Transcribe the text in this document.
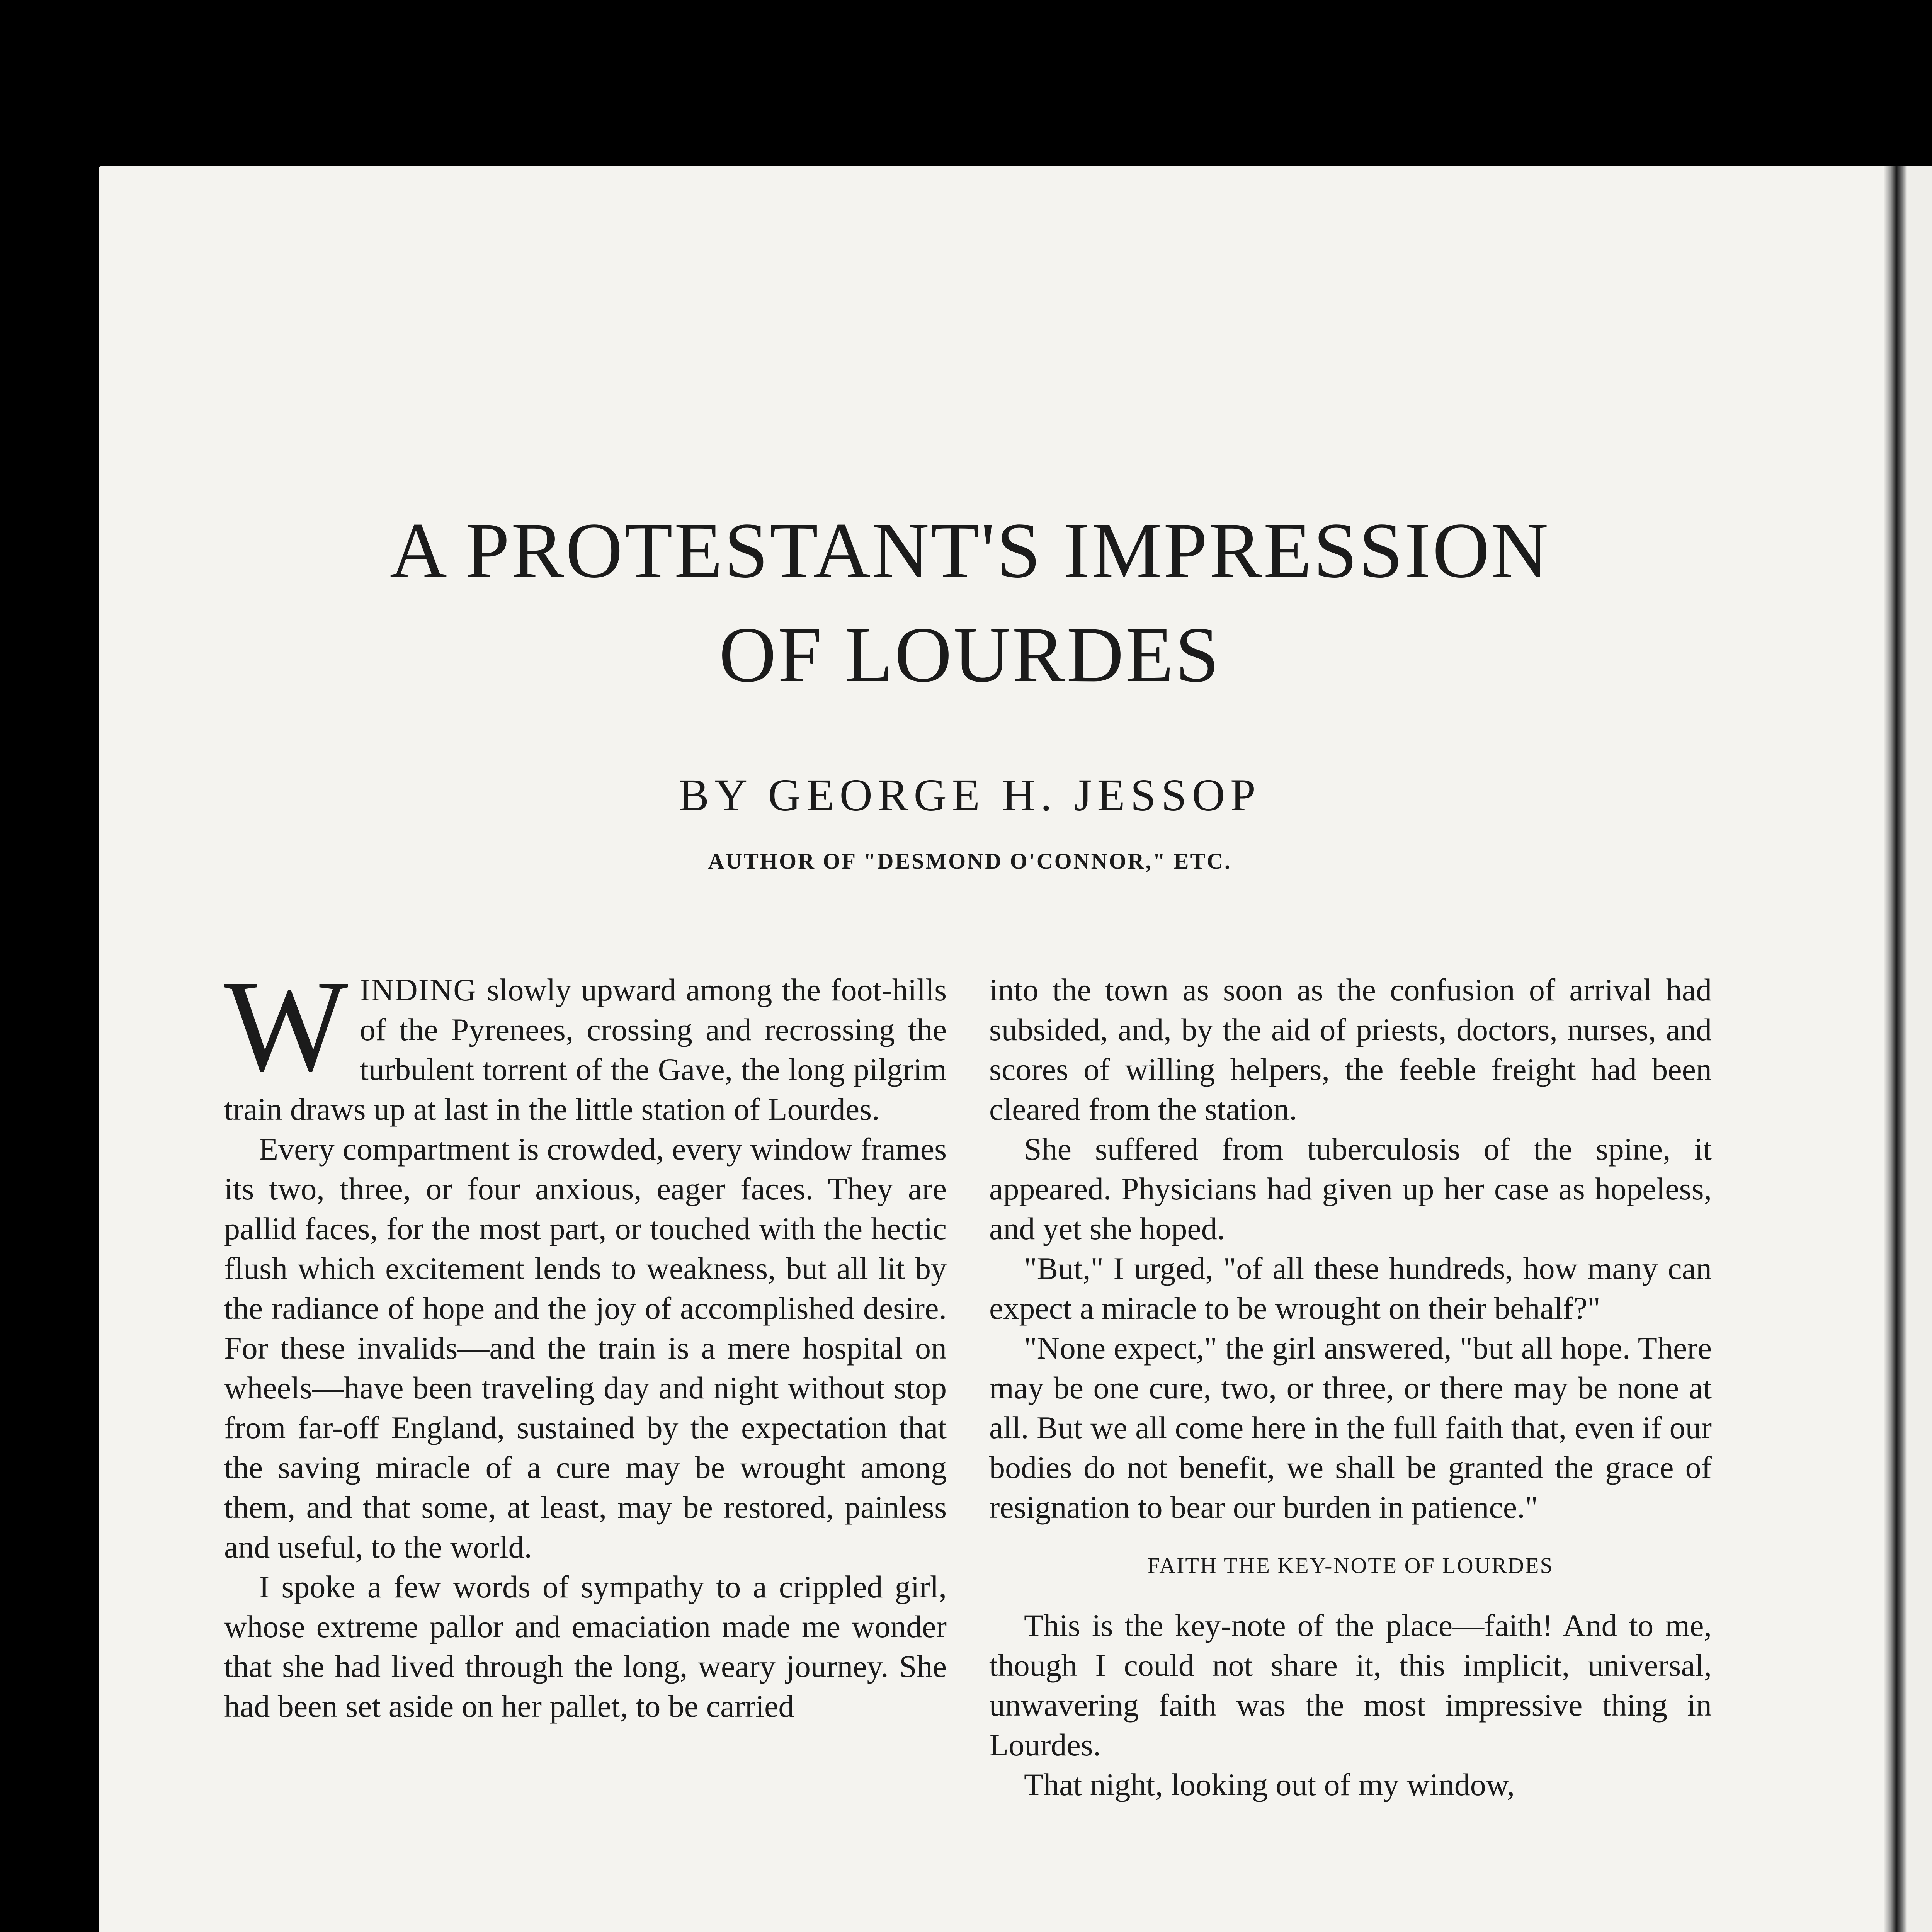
A PROTESTANT'S IMPRESSION
OF LOURDES
BY GEORGE H. JESSOP
AUTHOR OF "DESMOND O'CONNOR," ETC.

WINDING slowly upward among the foot-hills of the Pyrenees, crossing and recrossing the turbulent torrent of the Gave, the long pilgrim train draws up at last in the little station of Lourdes.

Every compartment is crowded, every window frames its two, three, or four anxious, eager faces. They are pallid faces, for the most part, or touched with the hectic flush which excitement lends to weakness, but all lit by the radiance of hope and the joy of accomplished desire. For these invalids—and the train is a mere hospital on wheels—have been traveling day and night without stop from far-off England, sustained by the expectation that the saving miracle of a cure may be wrought among them, and that some, at least, may be restored, painless and useful, to the world.

I spoke a few words of sympathy to a crippled girl, whose extreme pallor and emaciation made me wonder that she had lived through the long, weary journey. She had been set aside on her pallet, to be carried

into the town as soon as the confusion of arrival had subsided, and, by the aid of priests, doctors, nurses, and scores of willing helpers, the feeble freight had been cleared from the station.

She suffered from tuberculosis of the spine, it appeared. Physicians had given up her case as hopeless, and yet she hoped.

"But," I urged, "of all these hundreds, how many can expect a miracle to be wrought on their behalf?"

"None expect," the girl answered, "but all hope. There may be one cure, two, or three, or there may be none at all. But we all come here in the full faith that, even if our bodies do not benefit, we shall be granted the grace of resignation to bear our burden in patience."

FAITH THE KEY-NOTE OF LOURDES

This is the key-note of the place—faith! And to me, though I could not share it, this implicit, universal, unwavering faith was the most impressive thing in Lourdes.

That night, looking out of my window,
